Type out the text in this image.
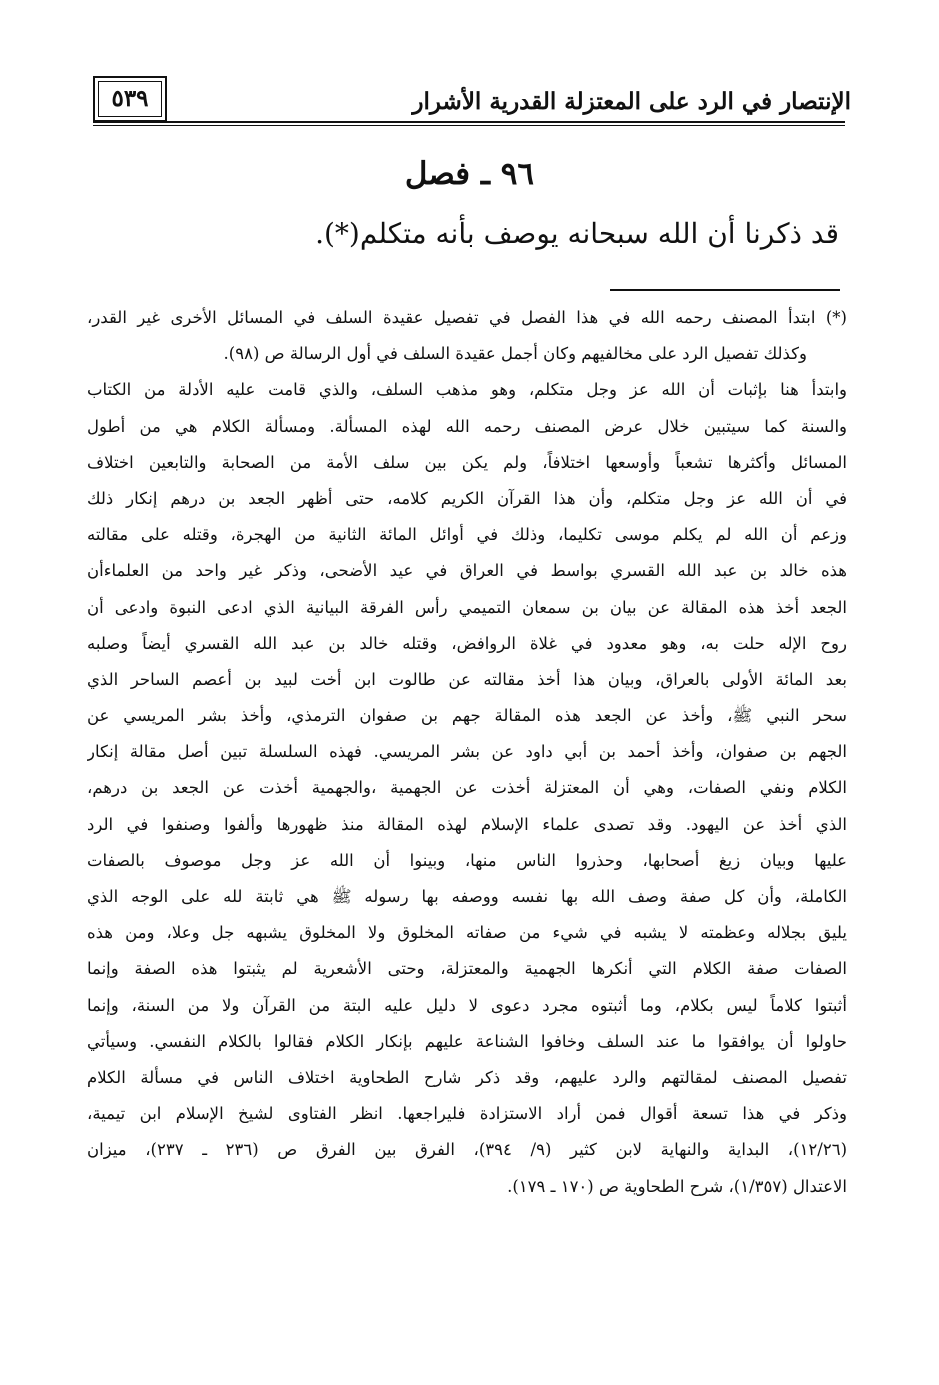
الإنتصار في الرد على المعتزلة القدرية الأشرار
٥٣٩
٩٦ ـ فصل
قد ذكرنا أن الله سبحانه يوصف بأنه متكلم(*).
(*) ابتدأ المصنف رحمه الله في هذا الفصل في تفصيل عقيدة السلف في المسائل الأخرى غير القدر،
وكذلك تفصيل الرد على مخالفيهم وكان أجمل عقيدة السلف في أول الرسالة ص (٩٨).
وابتدأ هنا بإثبات أن الله عز وجل متكلم، وهو مذهب السلف، والذي قامت عليه الأدلة من الكتاب
والسنة كما سيتبين خلال عرض المصنف رحمه الله لهذه المسألة. ومسألة الكلام هي من أطول
المسائل وأكثرها تشعباً وأوسعها اختلافاً، ولم يكن بين سلف الأمة من الصحابة والتابعين اختلاف
في أن الله عز وجل متكلم، وأن هذا القرآن الكريم كلامه، حتى أظهر الجعد بن درهم إنكار ذلك
وزعم أن الله لم يكلم موسى تكليما، وذلك في أوائل المائة الثانية من الهجرة، وقتله على مقالته
هذه خالد بن عبد الله القسري بواسط في العراق في عيد الأضحى، وذكر غير واحد من العلماءأن
الجعد أخذ هذه المقالة عن بيان بن سمعان التميمي رأس الفرقة البيانية الذي ادعى النبوة وادعى أن
روح الإله حلت به، وهو معدود في غلاة الروافض، وقتله خالد بن عبد الله القسري أيضاً وصلبه
بعد المائة الأولى بالعراق، وبيان هذا أخذ مقالته عن طالوت ابن أخت لبيد بن أعصم الساحر الذي
سحر النبي ﷺ، وأخذ عن الجعد هذه المقالة جهم بن صفوان الترمذي، وأخذ بشر المريسي عن
الجهم بن صفوان، وأخذ أحمد بن أبي داود عن بشر المريسي. فهذه السلسلة تبين أصل مقالة إنكار
الكلام ونفي الصفات، وهي أن المعتزلة أخذت عن الجهمية ،والجهمية أخذت عن الجعد بن درهم،
الذي أخذ عن اليهود. وقد تصدى علماء الإسلام لهذه المقالة منذ ظهورها وألفوا وصنفوا في الرد
عليها وبيان زيغ أصحابها، وحذروا الناس منها، وبينوا أن الله عز وجل موصوف بالصفات
الكاملة، وأن كل صفة وصف الله بها نفسه ووصفه بها رسوله ﷺ هي ثابتة لله على الوجه الذي
يليق بجلاله وعظمته لا يشبه في شيء من صفاته المخلوق ولا المخلوق يشبهه جل وعلا، ومن هذه
الصفات صفة الكلام التي أنكرها الجهمية والمعتزلة، وحتى الأشعرية لم يثبتوا هذه الصفة وإنما
أثبتوا كلاماً ليس بكلام، وما أثبتوه مجرد دعوى لا دليل عليه البتة من القرآن ولا من السنة، وإنما
حاولوا أن يوافقوا ما عند السلف وخافوا الشناعة عليهم بإنكار الكلام فقالوا بالكلام النفسي. وسيأتي
تفصيل المصنف لمقالتهم والرد عليهم، وقد ذكر شارح الطحاوية اختلاف الناس في مسألة الكلام
وذكر في هذا تسعة أقوال فمن أراد الاستزادة فليراجعها. انظر الفتاوى لشيخ الإسلام ابن تيمية،
(١٢/٢٦)، البداية والنهاية لابن كثير (٩/ ٣٩٤)، الفرق بين الفرق ص (٢٣٦ ـ ٢٣٧)، ميزان
الاعتدال (١/٣٥٧)، شرح الطحاوية ص (١٧٠ ـ ١٧٩).
